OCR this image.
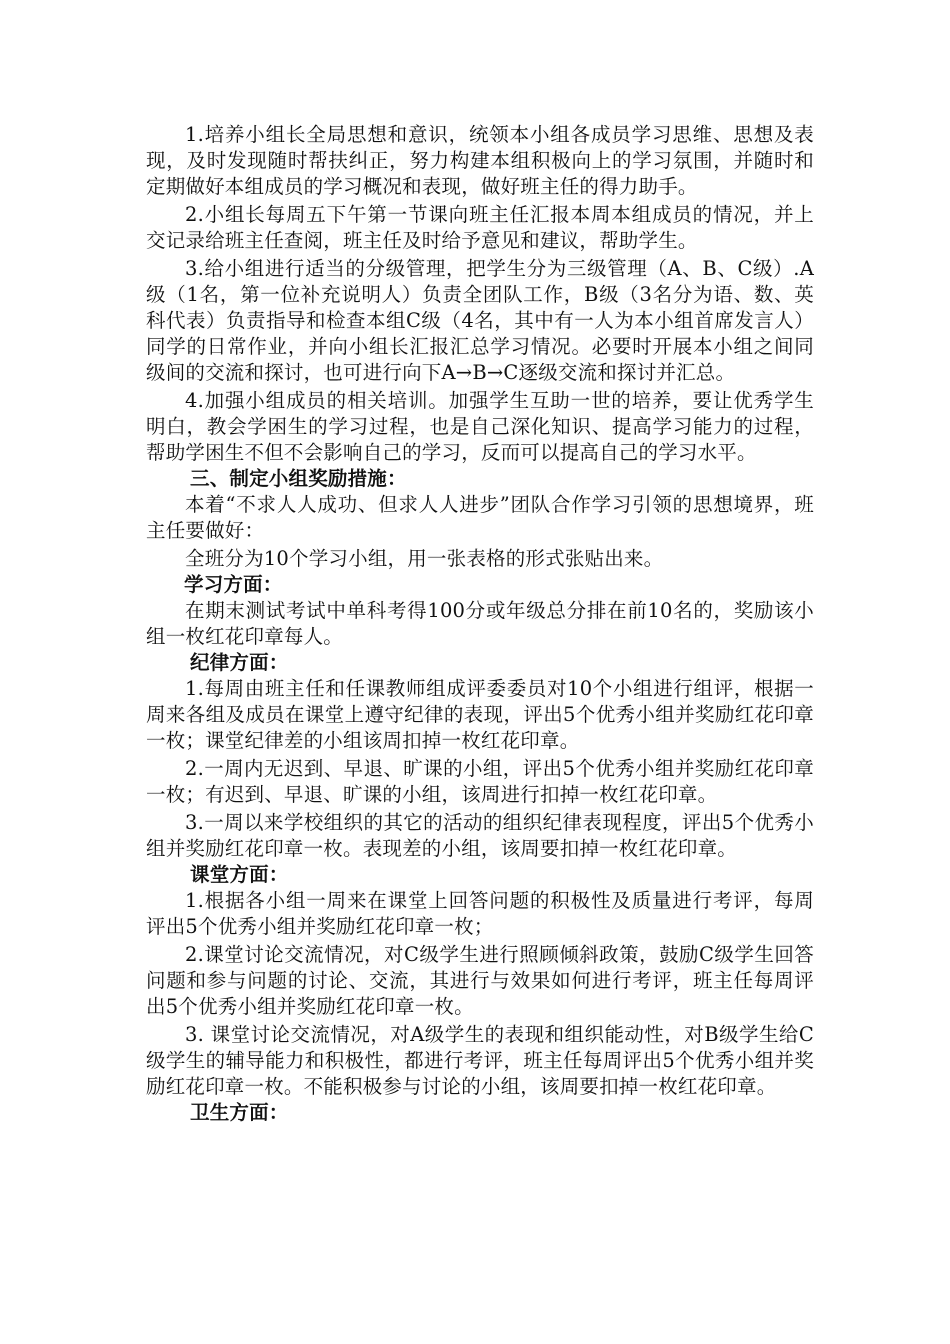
1.培养小组长全局思想和意识，统领本小组各成员学习思维、思想及表现，及时发现随时帮扶纠正，努力构建本组积极向上的学习氛围，并随时和定期做好本组成员的学习概况和表现，做好班主任的得力助手。

2.小组长每周五下午第一节课向班主任汇报本周本组成员的情况，并上交记录给班主任查阅，班主任及时给予意见和建议，帮助学生。

3.给小组进行适当的分级管理，把学生分为三级管理（A、B、C级）.A级（1名，第一位补充说明人）负责全团队工作，B级（3名分为语、数、英科代表）负责指导和检查本组C级（4名，其中有一人为本小组首席发言人）同学的日常作业，并向小组长汇报汇总学习情况。必要时开展本小组之间同级间的交流和探讨，也可进行向下A→B→C逐级交流和探讨并汇总。

4.加强小组成员的相关培训。加强学生互助一世的培养，要让优秀学生明白，教会学困生的学习过程，也是自己深化知识、提高学习能力的过程，帮助学困生不但不会影响自己的学习，反而可以提高自己的学习水平。

三、制定小组奖励措施：

本着“不求人人成功、但求人人进步”团队合作学习引领的思想境界，班主任要做好：

全班分为10个学习小组，用一张表格的形式张贴出来。

学习方面：

在期末测试考试中单科考得100分或年级总分排在前10名的，奖励该小组一枚红花印章每人。

纪律方面：

1.每周由班主任和任课教师组成评委委员对10个小组进行组评，根据一周来各组及成员在课堂上遵守纪律的表现，评出5个优秀小组并奖励红花印章一枚；课堂纪律差的小组该周扣掉一枚红花印章。

2.一周内无迟到、早退、旷课的小组，评出5个优秀小组并奖励红花印章一枚；有迟到、早退、旷课的小组，该周进行扣掉一枚红花印章。

3.一周以来学校组织的其它的活动的组织纪律表现程度，评出5个优秀小组并奖励红花印章一枚。表现差的小组，该周要扣掉一枚红花印章。

课堂方面：

1.根据各小组一周来在课堂上回答问题的积极性及质量进行考评，每周评出5个优秀小组并奖励红花印章一枚；

2.课堂讨论交流情况，对C级学生进行照顾倾斜政策，鼓励C级学生回答问题和参与问题的讨论、交流，其进行与效果如何进行考评，班主任每周评出5个优秀小组并奖励红花印章一枚。

3. 课堂讨论交流情况，对A级学生的表现和组织能动性，对B级学生给C级学生的辅导能力和积极性，都进行考评，班主任每周评出5个优秀小组并奖励红花印章一枚。不能积极参与讨论的小组，该周要扣掉一枚红花印章。

卫生方面：
